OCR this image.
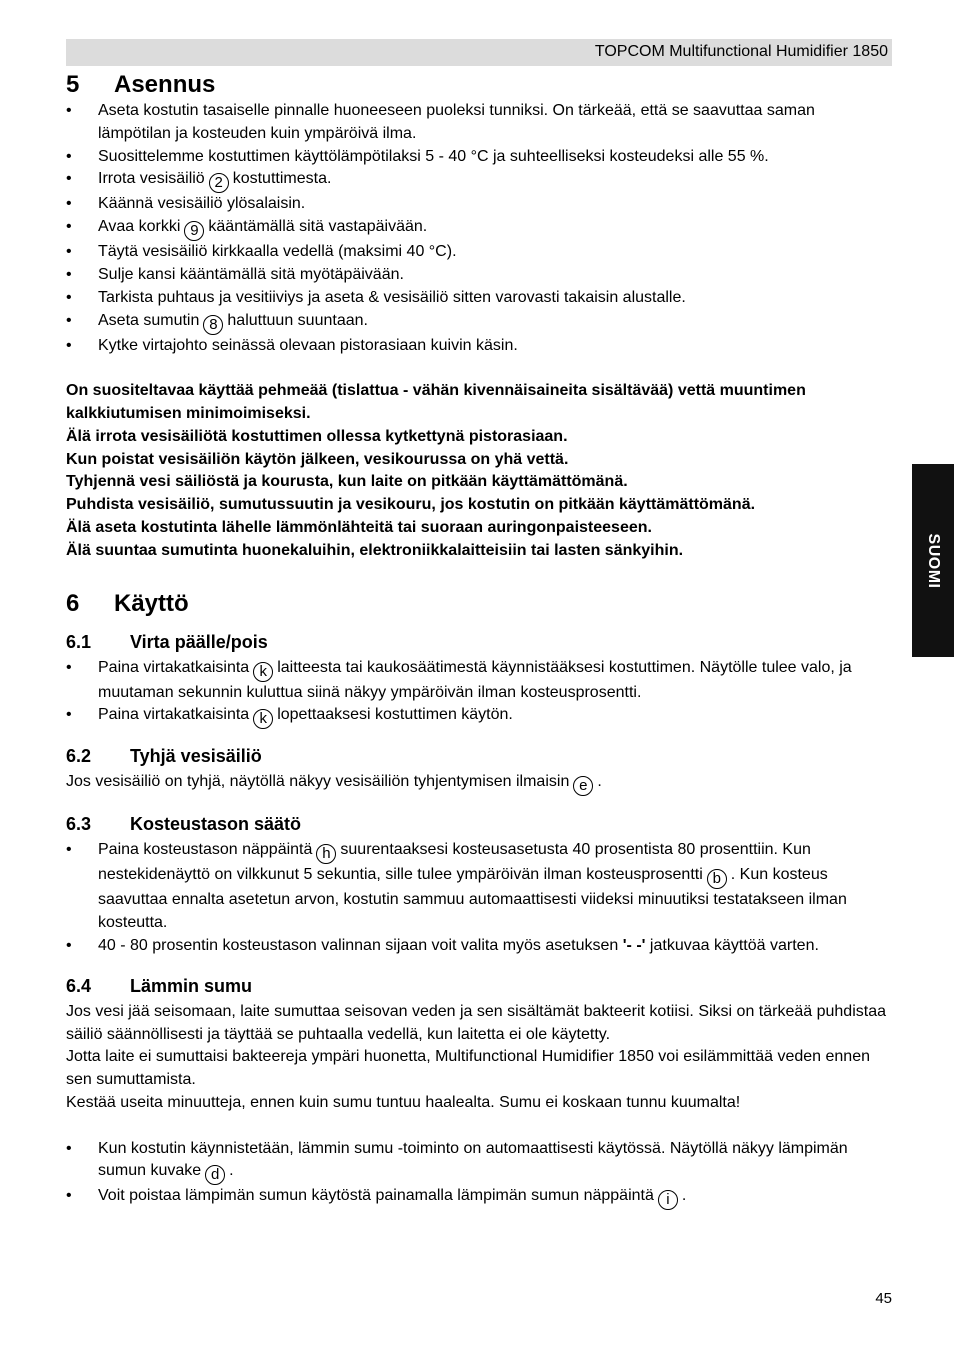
TOPCOM Multifunctional Humidifier 1850
SUOMI
5 Asennus
• Aseta kostutin tasaiselle pinnalle huoneeseen puoleksi tunniksi. On tärkeää, että se saavuttaa saman lämpötilan ja kosteuden kuin ympäröivä ilma.
• Suosittelemme kostuttimen käyttölämpötilaksi 5 - 40 °C ja suhteelliseksi kosteudeksi alle 55 %.
• Irrota vesisäiliö 2 kostuttimesta.
• Käännä vesisäiliö ylösalaisin.
• Avaa korkki 9 kääntämällä sitä vastapäivään.
• Täytä vesisäiliö kirkkaalla vedellä (maksimi 40 °C).
• Sulje kansi kääntämällä sitä myötäpäivään.
• Tarkista puhtaus ja vesitiiviys ja aseta & vesisäiliö sitten varovasti takaisin alustalle.
• Aseta sumutin 8 haluttuun suuntaan.
• Kytke virtajohto seinässä olevaan pistorasiaan kuivin käsin.

On suositeltavaa käyttää pehmeää (tislattua - vähän kivennäisaineita sisältävää) vettä muuntimen kalkkiutumisen minimoimiseksi.

Älä irrota vesisäiliötä kostuttimen ollessa kytkettynä pistorasiaan.

Kun poistat vesisäiliön käytön jälkeen, vesikourussa on yhä vettä.

Tyhjennä vesi säiliöstä ja kourusta, kun laite on pitkään käyttämättömänä.

Puhdista vesisäiliö, sumutussuutin ja vesikouru, jos kostutin on pitkään käyttämättömänä.

Älä aseta kostutinta lähelle lämmönlähteitä tai suoraan auringonpaisteeseen.

Älä suuntaa sumutinta huonekaluihin, elektroniikkalaitteisiin tai lasten sänkyihin.

6 Käyttö
6.1 Virta päälle/pois
• Paina virtakatkaisinta k laitteesta tai kaukosäätimestä käynnistääksesi kostuttimen. Näytölle tulee valo, ja muutaman sekunnin kuluttua siinä näkyy ympäröivän ilman kosteusprosentti.
• Paina virtakatkaisinta k lopettaaksesi kostuttimen käytön.
6.2 Tyhjä vesisäiliö

Jos vesisäiliö on tyhjä, näytöllä näkyy vesisäiliön tyhjentymisen ilmaisin e .

6.3 Kosteustason säätö
• Paina kosteustason näppäintä h suurentaaksesi kosteusasetusta 40 prosentista 80 prosenttiin. Kun nestekidenäyttö on vilkkunut 5 sekuntia, sille tulee ympäröivän ilman kosteusprosentti b . Kun kosteus saavuttaa ennalta asetetun arvon, kostutin sammuu automaattisesti viideksi minuutiksi testatakseen ilman kosteutta.
• 40 - 80 prosentin kosteustason valinnan sijaan voit valita myös asetuksen '- -' jatkuvaa käyttöä varten.
6.4 Lämmin sumu

Jos vesi jää seisomaan, laite sumuttaa seisovan veden ja sen sisältämät bakteerit kotiisi. Siksi on tärkeää puhdistaa säiliö säännöllisesti ja täyttää se puhtaalla vedellä, kun laitetta ei ole käytetty.

Jotta laite ei sumuttaisi bakteereja ympäri huonetta, Multifunctional Humidifier 1850 voi esilämmittää veden ennen sen sumuttamista.

Kestää useita minuutteja, ennen kuin sumu tuntuu haalealta. Sumu ei koskaan tunnu kuumalta!

• Kun kostutin käynnistetään, lämmin sumu -toiminto on automaattisesti käytössä. Näytöllä näkyy lämpimän sumun kuvake d .
• Voit poistaa lämpimän sumun käytöstä painamalla lämpimän sumun näppäintä i .
45
